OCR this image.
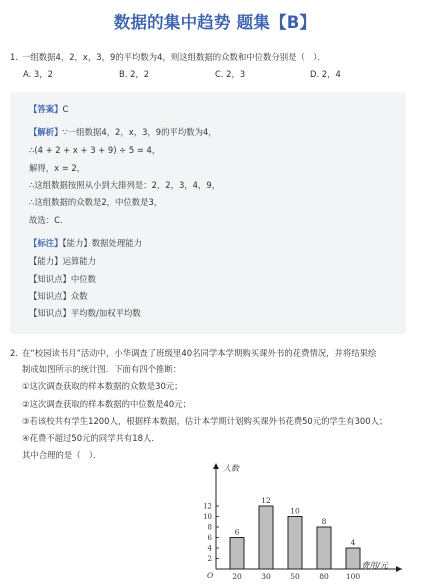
数据的集中趋势 题集【B】
1. 一组数据4，2，x，3，9的平均数为4，则这组数据的众数和中位数分别是（　）．
A. 3，2	B. 2，2	C. 2，3	D. 2，4
【答案】C
【解析】∵一组数据4，2，x，3，9的平均数为4，
∴(4 + 2 + x + 3 + 9) ÷ 5 = 4，
解得，x = 2，
∴这组数据按照从小到大排列是：2，2，3，4，9，
∴这组数据的众数是2，中位数是3，
故选：C．
【标注】【能力】数据处理能力
【能力】运算能力
【知识点】中位数
【知识点】众数
【知识点】平均数/加权平均数
2. 在“校园读书月”活动中，小华调查了班级里40名同学本学期购买课外书的花费情况，并将结果绘
制成如图所示的统计图．下面有四个推断：
①这次调查获取的样本数据的众数是30元；
②这次调查获取的样本数据的中位数是40元；
③若该校共有学生1200人，根据样本数据，估计本学期计划购买课外书花费50元的学生有300人；
④花费不超过50元的同学共有18人．
其中合理的是（　）．
2
4
6
8
10
12
O
人数
费用/元
6
20
12
30
10
50
8
80
4
100
